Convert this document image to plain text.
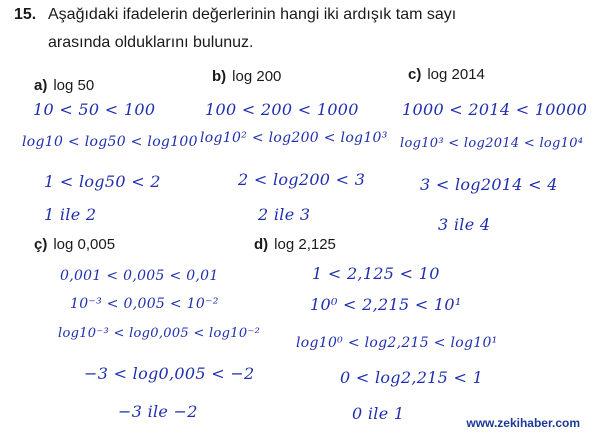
15. Aşağıdaki ifadelerin değerlerinin hangi iki ardışık tam sayı
arasında olduklarını bulunuz.
a) log 50
10 < 50 < 100
log10 < log50 < log100
1 < log50 < 2
1 ile 2
b) log 200
100 < 200 < 1000
log10² < log200 < log10³
2 < log200 < 3
2 ile 3
c) log 2014
1000 < 2014 < 10000
log10³ < log2014 < log10⁴
3 < log2014 < 4
3 ile 4
ç) log 0,005
0,001 < 0,005 < 0,01
10⁻³ < 0,005 < 10⁻²
log10⁻³ < log0,005 < log10⁻²
−3 < log0,005 < −2
−3 ile −2
d) log 2,125
1 < 2,125 < 10
10⁰ < 2,215 < 10¹
log10⁰ < log2,215 < log10¹
0 < log2,215 < 1
0 ile 1	www.zekihaber.com
